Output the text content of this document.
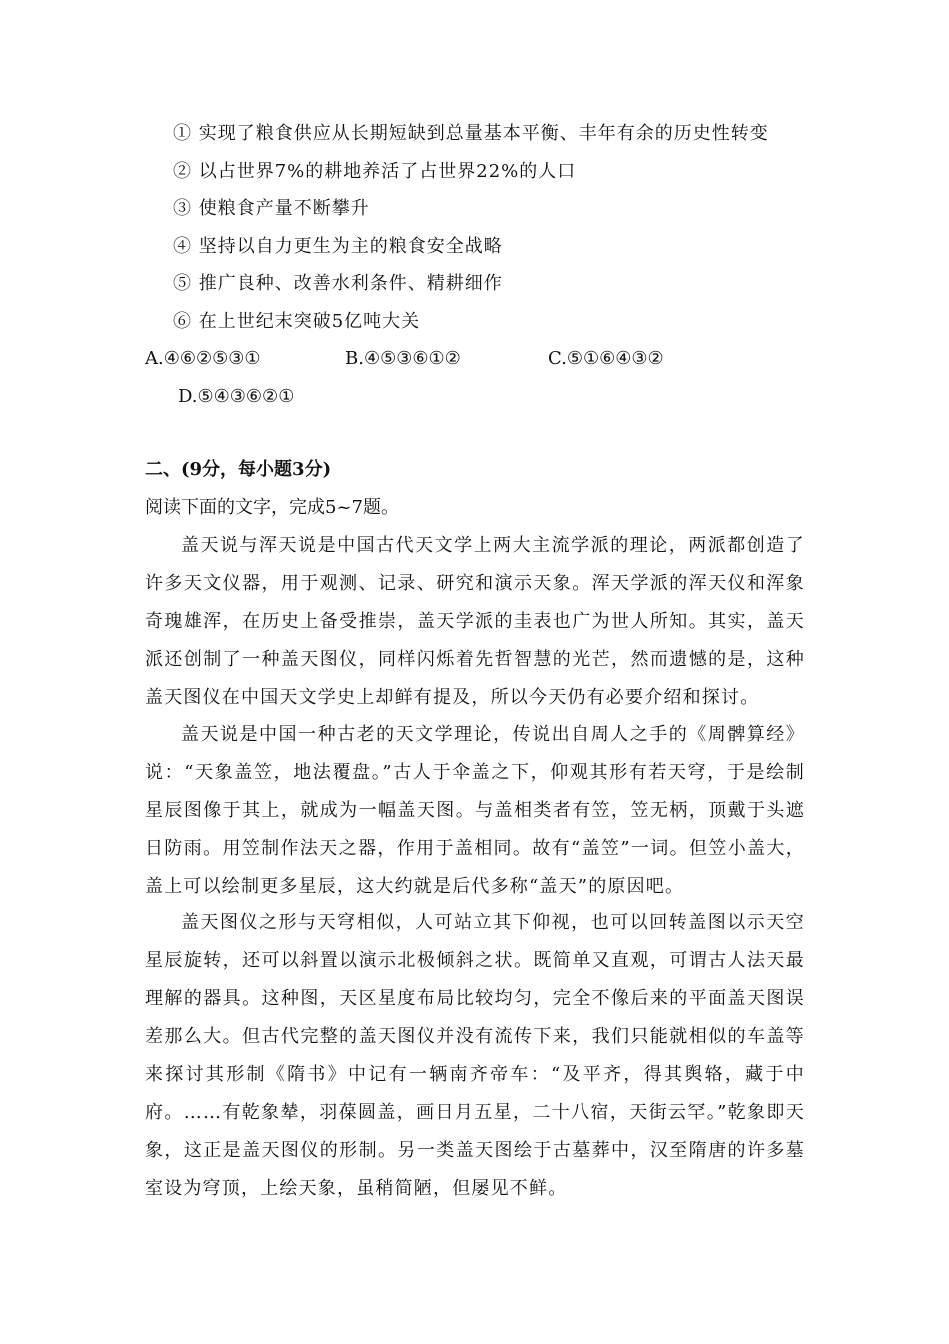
① 实现了粮食供应从长期短缺到总量基本平衡、丰年有余的历史性转变
② 以占世界7%的耕地养活了占世界22%的人口
③ 使粮食产量不断攀升
④ 坚持以自力更生为主的粮食安全战略
⑤ 推广良种、改善水利条件、精耕细作
⑥ 在上世纪末突破5亿吨大关
A.④⑥②⑤③①	B.④⑤③⑥①②	C.⑤①⑥④③②
D.⑤④③⑥②①
二、(9分，每小题3分)
阅读下面的文字，完成5~7题。

盖天说与浑天说是中国古代天文学上两大主流学派的理论，两派都创造了许多天文仪器，用于观测、记录、研究和演示天象。浑天学派的浑天仪和浑象奇瑰雄浑，在历史上备受推崇，盖天学派的圭表也广为世人所知。其实，盖天派还创制了一种盖天图仪，同样闪烁着先哲智慧的光芒，然而遗憾的是，这种盖天图仪在中国天文学史上却鲜有提及，所以今天仍有必要介绍和探讨。

盖天说是中国一种古老的天文学理论，传说出自周人之手的《周髀算经》说：“天象盖笠，地法覆盘。”古人于伞盖之下，仰观其形有若天穹，于是绘制星辰图像于其上，就成为一幅盖天图。与盖相类者有笠，笠无柄，顶戴于头遮日防雨。用笠制作法天之器，作用于盖相同。故有“盖笠”一词。但笠小盖大，盖上可以绘制更多星辰，这大约就是后代多称“盖天”的原因吧。

盖天图仪之形与天穹相似，人可站立其下仰视，也可以回转盖图以示天空星辰旋转，还可以斜置以演示北极倾斜之状。既简单又直观，可谓古人法天最理解的器具。这种图，天区星度布局比较均匀，完全不像后来的平面盖天图误差那么大。但古代完整的盖天图仪并没有流传下来，我们只能就相似的车盖等来探讨其形制《隋书》中记有一辆南齐帝车：“及平齐，得其舆辂，藏于中府。……有乾象辇，羽葆圆盖，画日月五星，二十八宿，天街云罕。”乾象即天象，这正是盖天图仪的形制。另一类盖天图绘于古墓葬中，汉至隋唐的许多墓室设为穹顶，上绘天象，虽稍简陋，但屡见不鲜。
